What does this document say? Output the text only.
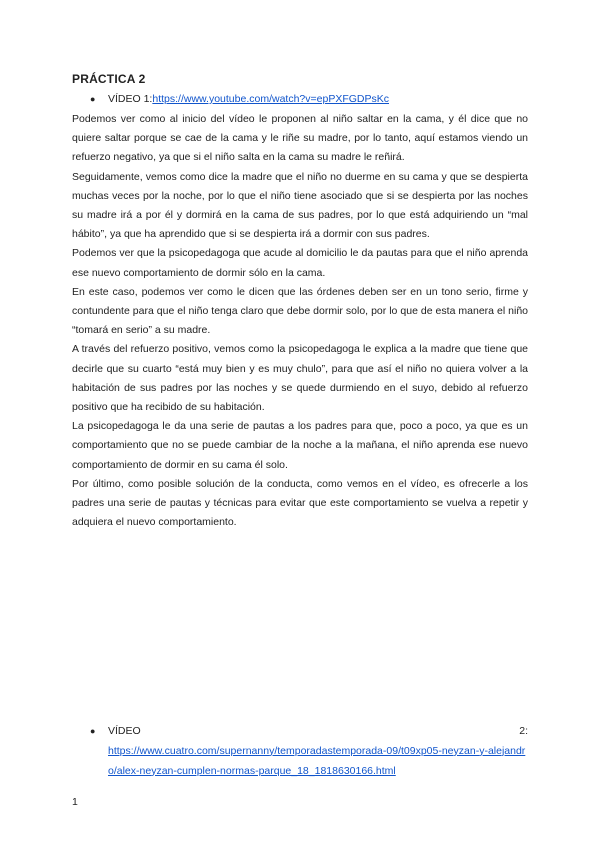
PRÁCTICA 2
●	VÍDEO 1: https://www.youtube.com/watch?v=epPXFGDPsKc

Podemos ver como al inicio del vídeo le proponen al niño saltar en la cama, y él dice que no quiere saltar porque se cae de la cama y le riñe su madre, por lo tanto, aquí estamos viendo un refuerzo negativo, ya que si el niño salta en la cama su madre le reñirá.

Seguidamente, vemos como dice la madre que el niño no duerme en su cama y que se despierta muchas veces por la noche, por lo que el niño tiene asociado que si se despierta por las noches su madre irá a por él y dormirá en la cama de sus padres, por lo que está adquiriendo un “mal hábito”, ya que ha aprendido que si se despierta irá a dormir con sus padres.

Podemos ver que la psicopedagoga que acude al domicilio le da pautas para que el niño aprenda ese nuevo comportamiento de dormir sólo en la cama.

En este caso, podemos ver como le dicen que las órdenes deben ser en un tono serio, firme y contundente para que el niño tenga claro que debe dormir solo, por lo que de esta manera el niño “tomará en serio” a su madre.

A través del refuerzo positivo, vemos como la psicopedagoga le explica a la madre que tiene que decirle que su cuarto “está muy bien y es muy chulo”, para que así el niño no quiera volver a la habitación de sus padres por las noches y se quede durmiendo en el suyo, debido al refuerzo positivo que ha recibido de su habitación.

La psicopedagoga le da una serie de pautas a los padres para que, poco a poco, ya que es un comportamiento que no se puede cambiar de la noche a la mañana, el niño aprenda ese nuevo comportamiento de dormir en su cama él solo.

Por último, como posible solución de la conducta, como vemos en el vídeo, es ofrecerle a los padres una serie de pautas y técnicas para evitar que este comportamiento se vuelva a repetir y adquiera el nuevo comportamiento.

●	VÍDEO	2:
https://www.cuatro.com/supernanny/temporadastemporada-09/t09xp05-neyzan-y-alejandro/alex-neyzan-cumplen-normas-parque_18_1818630166.html
1
